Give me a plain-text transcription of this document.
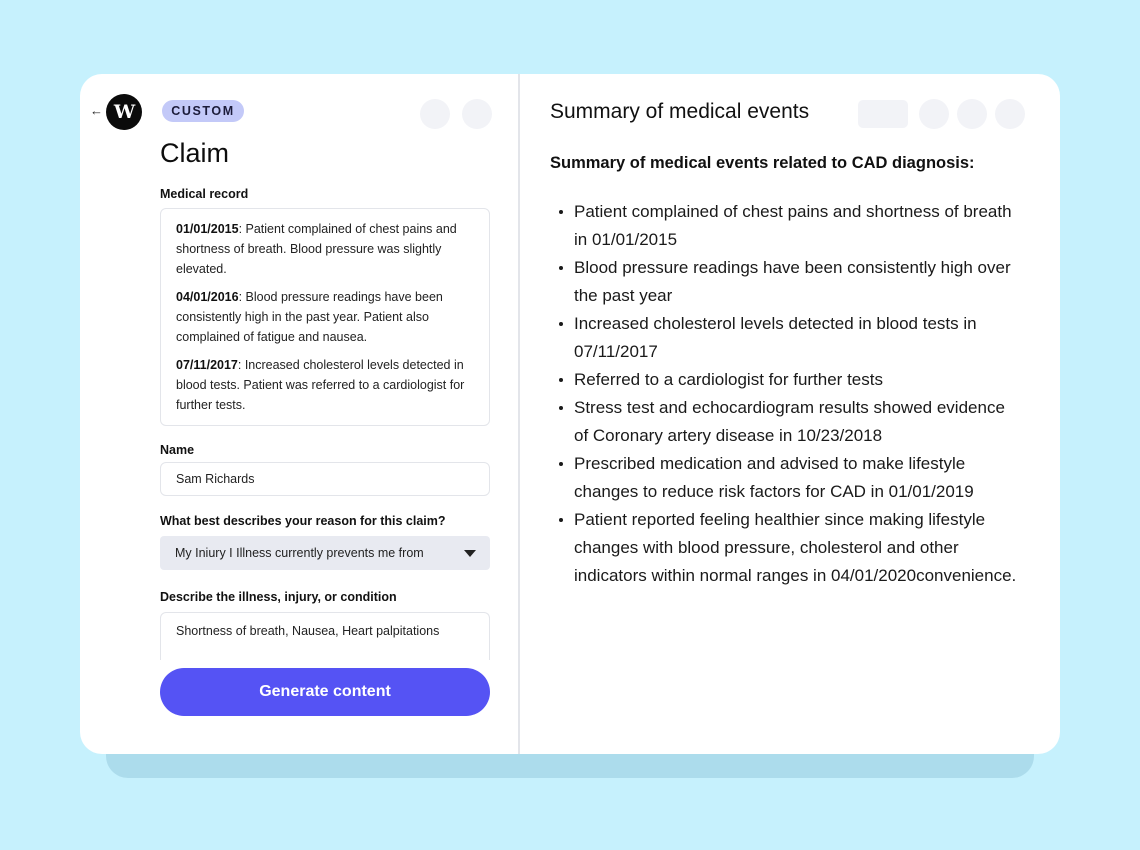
← W	CUSTOM
Claim
Medical record

01/01/2015: Patient complained of chest pains and shortness of breath. Blood pressure was slightly elevated.

04/01/2016: Blood pressure readings have been consistently high in the past year. Patient also complained of fatigue and nausea.

07/11/2017: Increased cholesterol levels detected in blood tests. Patient was referred to a cardiologist for further tests.

Name
Sam Richards
What best describes your reason for this claim?
My Iniury I Illness currently prevents me from
Describe the illness, injury, or condition
Shortness of breath, Nausea, Heart palpitations
Generate content
Summary of medical events
Summary of medical events related to CAD diagnosis:
Patient complained of chest pains and shortness of breath in 01/01/2015
Blood pressure readings have been consistently high over the past year
Increased cholesterol levels detected in blood tests in 07/11/2017
Referred to a cardiologist for further tests
Stress test and echocardiogram results showed evidence of Coronary artery disease in 10/23/2018
Prescribed medication and advised to make lifestyle changes to reduce risk factors for CAD in 01/01/2019
Patient reported feeling healthier since making lifestyle changes with blood pressure, cholesterol and other indicators within normal ranges in 04/01/2020convenience.
